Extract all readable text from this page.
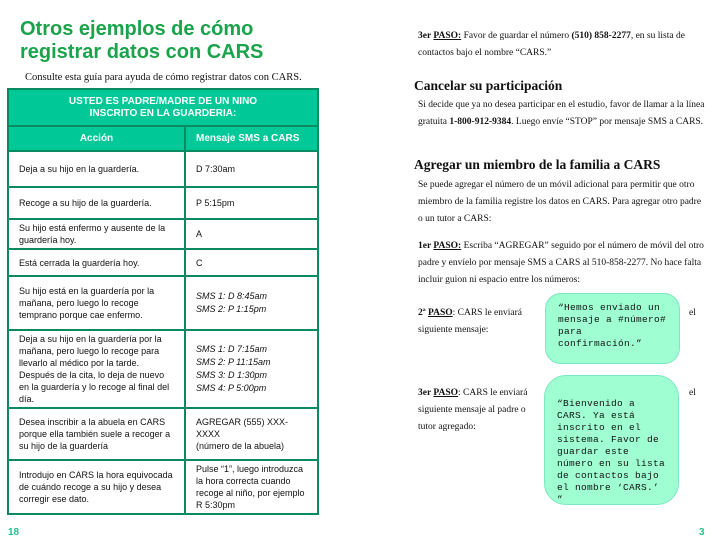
Otros ejemplos de cómo registrar datos con CARS
Consulte esta guía para ayuda de cómo registrar datos con CARS.
USTED ES PADRE/MADRE DE UN NINO
INSCRITO EN LA GUARDERIA:	

Acción	Mensaje SMS a CARS
Deja a su hijo en la guardería.	D 7:30am

Recoge a su hijo de la guardería.	P 5:15pm

Su hijo está enfermo y ausente de la guardería hoy.	A

Está cerrada la guardería hoy.	C

Su hijo está en la guardería por la mañana, pero luego lo recoge temprano porque cae enfermo.	SMS 1: D 8:45am
SMS 2: P 1:15pm

Deja a su hijo en la guardería por la mañana, pero luego lo recoge para llevarlo al médico por la tarde. Después de la cita, lo deja de nuevo en la guardería y lo recoge al final del día.	SMS 1: D 7:15am
SMS 2: P 11:15am
SMS 3: D 1:30pm
SMS 4: P 5:00pm

Desea inscribir a la abuela en CARS porque ella también suele a recoger a su hijo de la guardería	AGREGAR (555) XXX-XXXX
(número de la abuela)

Introdujo en CARS la hora equivocada de cuándo recoge a su hijo y desea corregir ese dato.	Pulse “1”, luego introduzca la hora correcta cuando recoge al niño, por ejemplo R 5:30pm
18
3er PASO: Favor de guardar el número (510) 858-2277, en su lista de contactos bajo el nombre “CARS.”
Cancelar su participación
Si decide que ya no desea participar en el estudio, favor de llamar a la línea gratuita 1-800-912-9384. Luego envíe “STOP” por mensaje SMS a CARS.
Agregar un miembro de la familia a CARS
Se puede agregar el número de un móvil adicional para permitir que otro miembro de la familia registre los datos en CARS. Para agregar otro padre o un tutor a CARS:
1er PASO: Escriba “AGREGAR” seguido por el número de móvil del otro padre y envíelo por mensaje SMS a CARS al 510-858-2277. No hace falta incluir guion ni espacio entre los números:
2ª PASO: CARS le enviará siguiente mensaje:
“Hemos enviado un mensaje a #número# para confirmación.”
el
3er PASO: CARS le enviará siguiente mensaje al padre o tutor agregado:
“Bienvenido a CARS. Ya está inscrito en el sistema. Favor de guardar este número en su lista de contactos bajo el nombre ‘CARS.’ ”
el
3
